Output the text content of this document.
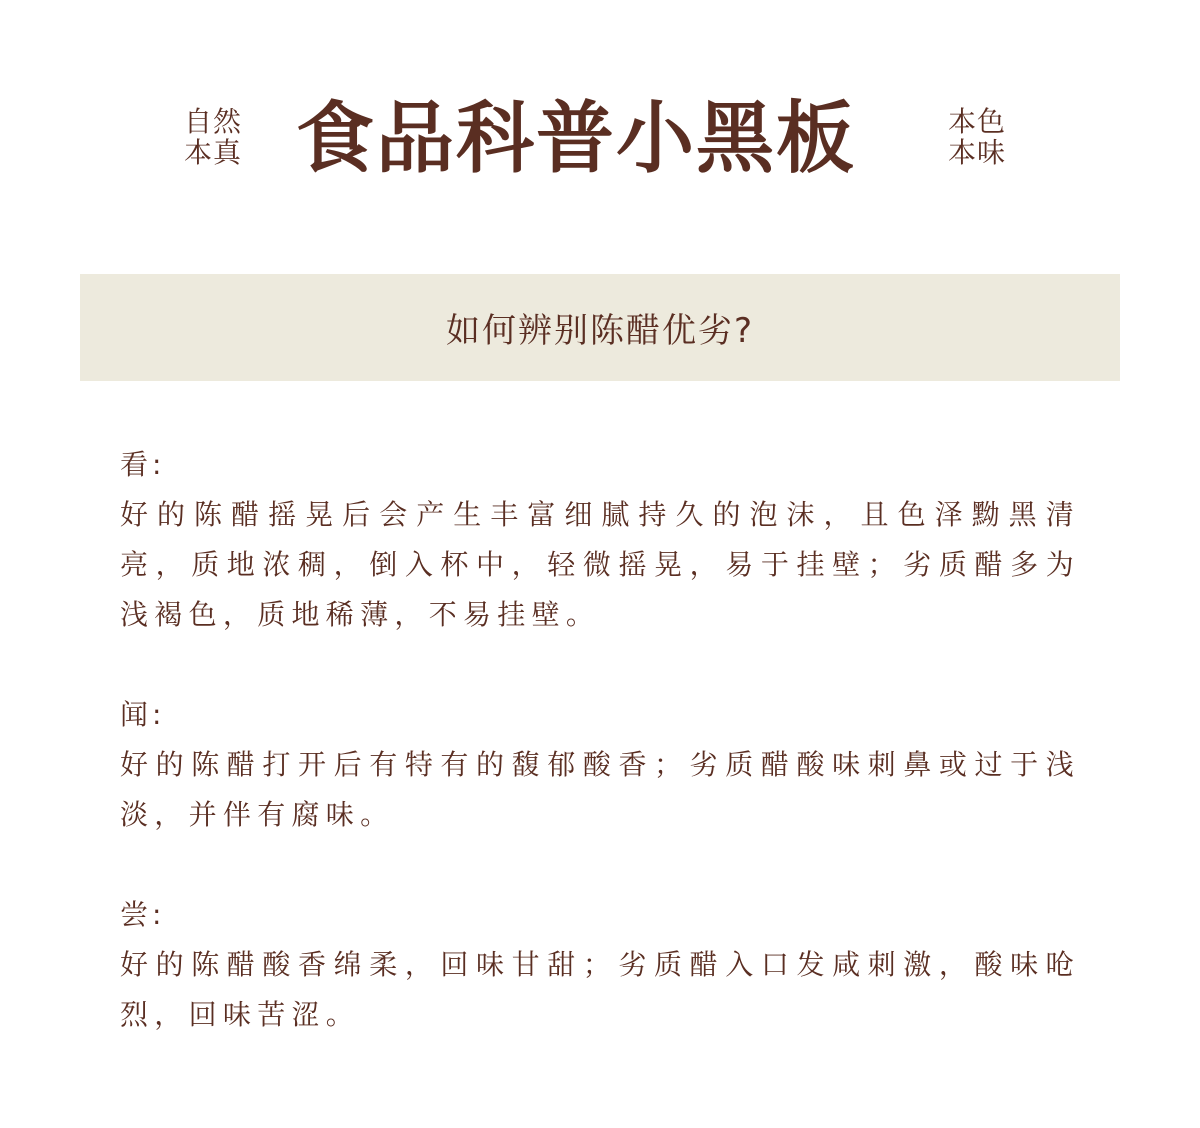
自然
本真 食品科普小黑板	本色
本味
如何辨别陈醋优劣?
看:
好的陈醋摇晃后会产生丰富细腻持久的泡沫，且色泽黝黑清亮，质地浓稠，倒入杯中，轻微摇晃，易于挂壁；劣质醋多为浅褐色，质地稀薄，不易挂壁。
闻:
好的陈醋打开后有特有的馥郁酸香；劣质醋酸味刺鼻或过于浅淡，并伴有腐味。
尝:
好的陈醋酸香绵柔，回味甘甜；劣质醋入口发咸刺激，酸味呛烈，回味苦涩。
